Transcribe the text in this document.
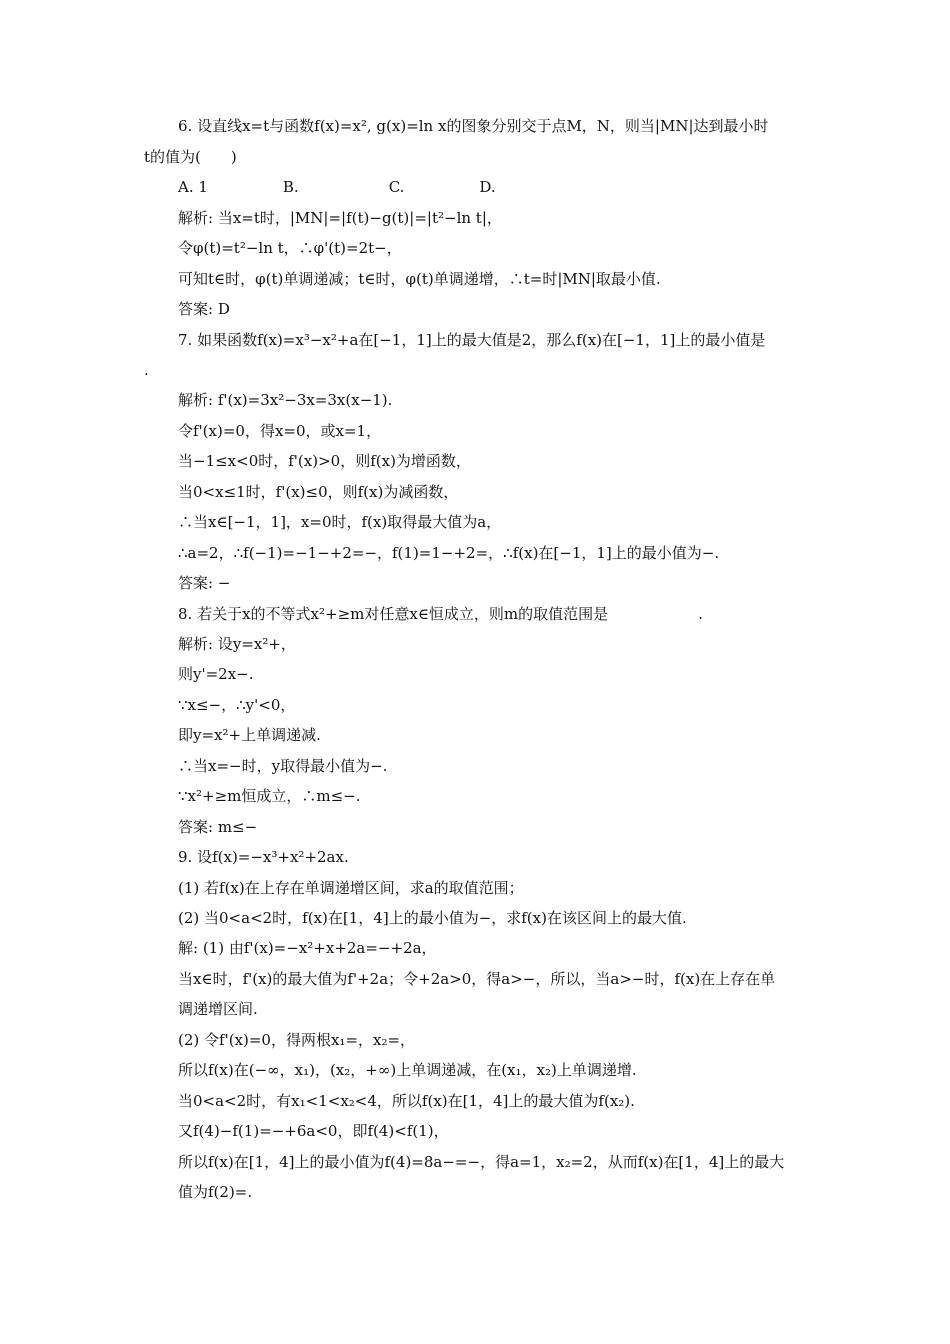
6. 设直线x=t与函数f(x)=x², g(x)=ln x的图象分别交于点M，N，则当|MN|达到最小时
t的值为(　　)
A. 1　　　　　B.　　　　　　C.　　　　　D.
解析: 当x=t时，|MN|=|f(t)−g(t)|=|t²−ln t|，
令φ(t)=t²−ln t，∴φ'(t)=2t−，
可知t∈时，φ(t)单调递减；t∈时，φ(t)单调递增，∴t=时|MN|取最小值.
答案: D
7. 如果函数f(x)=x³−x²+a在[−1，1]上的最大值是2，那么f(x)在[−1，1]上的最小值是
.
解析: f'(x)=3x²−3x=3x(x−1).
令f'(x)=0，得x=0，或x=1，
当−1≤x<0时，f'(x)>0，则f(x)为增函数，
当0<x≤1时，f'(x)≤0，则f(x)为减函数，
∴当x∈[−1，1]，x=0时，f(x)取得最大值为a，
∴a=2，∴f(−1)=−1−+2=−，f(1)=1−+2=，∴f(x)在[−1，1]上的最小值为−.
答案: −
8. 若关于x的不等式x²+≥m对任意x∈恒成立，则m的取值范围是　　　　　　.
解析: 设y=x²+，
则y'=2x−.
∵x≤−，∴y'<0，
即y=x²+上单调递减.
∴当x=−时，y取得最小值为−.
∵x²+≥m恒成立，∴m≤−.
答案: m≤−
9. 设f(x)=−x³+x²+2ax.
(1) 若f(x)在上存在单调递增区间，求a的取值范围；
(2) 当0<a<2时，f(x)在[1，4]上的最小值为−，求f(x)在该区间上的最大值.
解: (1) 由f'(x)=−x²+x+2a=−+2a，
当x∈时，f'(x)的最大值为f'+2a；令+2a>0，得a>−，所以，当a>−时，f(x)在上存在单
调递增区间.
(2) 令f'(x)=0，得两根x₁=，x₂=，
所以f(x)在(−∞，x₁)，(x₂，+∞)上单调递减，在(x₁，x₂)上单调递增.
当0<a<2时，有x₁<1<x₂<4，所以f(x)在[1，4]上的最大值为f(x₂).
又f(4)−f(1)=−+6a<0，即f(4)<f(1)，
所以f(x)在[1，4]上的最小值为f(4)=8a−=−，得a=1，x₂=2，从而f(x)在[1，4]上的最大
值为f(2)=.
